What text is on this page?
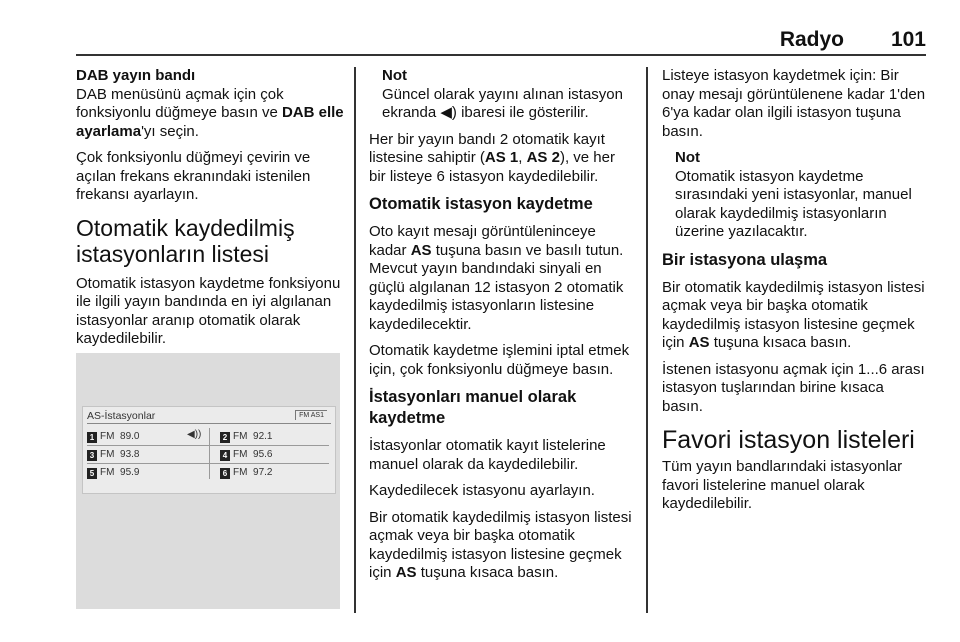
Radyo 101
DAB yayın bandı

DAB menüsünü açmak için çok fonksiyonlu düğmeye basın ve DAB elle ayarlama'yı seçin.

Çok fonksiyonlu düğmeyi çevirin ve açılan frekans ekranındaki istenilen frekansı ayarlayın.

Otomatik kaydedilmiş istasyonların listesi

Otomatik istasyon kaydetme fonksiyonu ile ilgili yayın bandında en iyi algılanan istasyonlar aranıp otomatik olarak kaydedilebilir.

AS-İstasyonlar	FM AS1
1 FM 89.0	◀))	2 FM 92.1
3 FM 93.8	4 FM 95.6
5 FM 95.9	6 FM 97.2
Not
Güncel olarak yayını alınan istasyon ekranda ◀) ibaresi ile gösterilir.

Her bir yayın bandı 2 otomatik kayıt listesine sahiptir (AS 1, AS 2), ve her bir listeye 6 istasyon kaydedilebilir.

Otomatik istasyon kaydetme

Oto kayıt mesajı görüntüleninceye kadar AS tuşuna basın ve basılı tutun. Mevcut yayın bandındaki sinyali en güçlü algılanan 12 istasyon 2 otomatik kaydedilmiş istasyonların listesine kaydedilecektir.

Otomatik kaydetme işlemini iptal etmek için, çok fonksiyonlu düğmeye basın.

İstasyonları manuel olarak kaydetme

İstasyonlar otomatik kayıt listelerine manuel olarak da kaydedilebilir.

Kaydedilecek istasyonu ayarlayın.

Bir otomatik kaydedilmiş istasyon listesi açmak veya bir başka otomatik kaydedilmiş istasyon listesine geçmek için AS tuşuna kısaca basın.

Listeye istasyon kaydetmek için: Bir onay mesajı görüntülenene kadar 1'den 6'ya kadar olan ilgili istasyon tuşuna basın.

Not
Otomatik istasyon kaydetme sırasındaki yeni istasyonlar, manuel olarak kaydedilmiş istasyonların üzerine yazılacaktır.
Bir istasyona ulaşma

Bir otomatik kaydedilmiş istasyon listesi açmak veya bir başka otomatik kaydedilmiş istasyon listesine geçmek için AS tuşuna kısaca basın.

İstenen istasyonu açmak için 1...6 arası istasyon tuşlarından birine kısaca basın.

Favori istasyon listeleri

Tüm yayın bandlarındaki istasyonlar favori listelerine manuel olarak kaydedilebilir.
